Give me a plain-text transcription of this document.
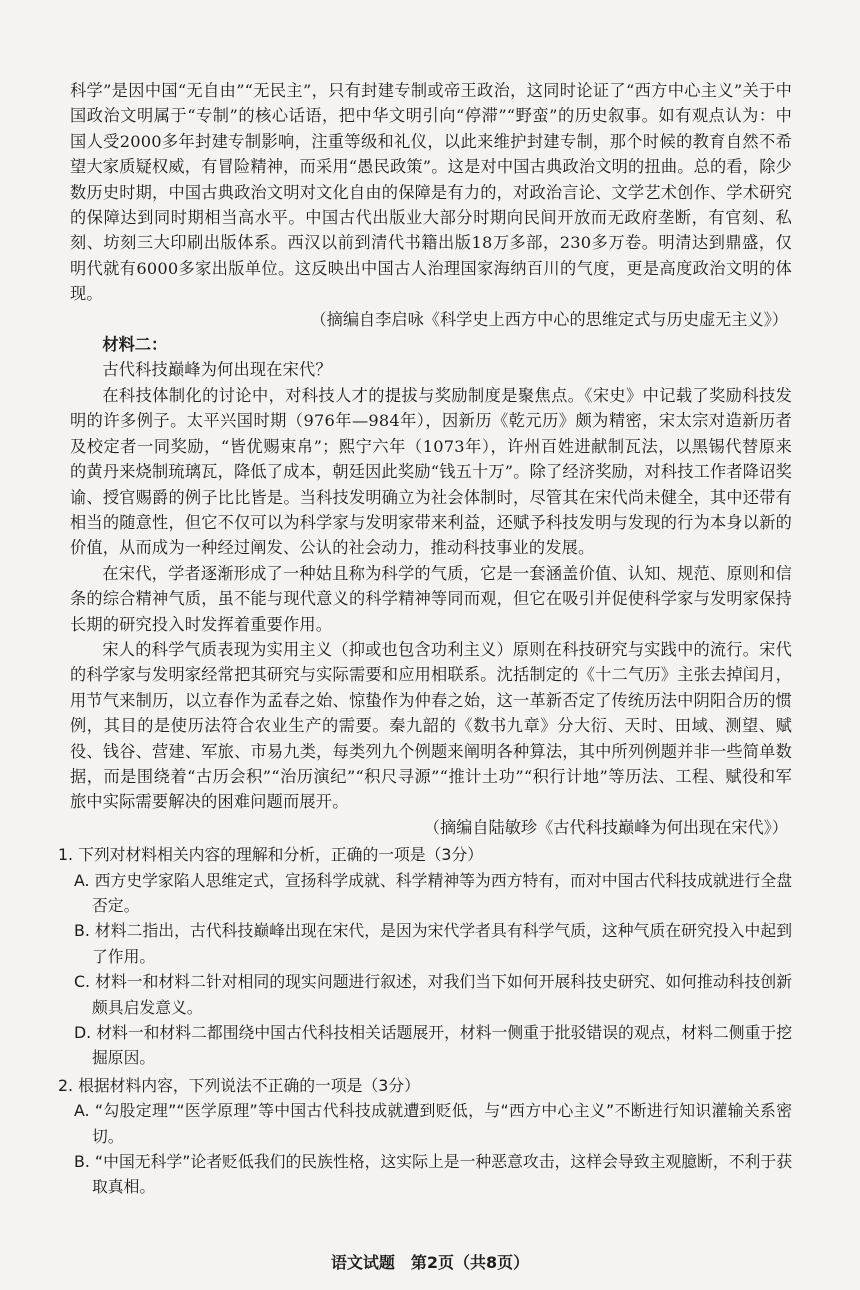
科学”是因中国“无自由”“无民主”，只有封建专制或帝王政治，这同时论证了“西方中心主义”关于中国政治文明属于“专制”的核心话语，把中华文明引向“停滞”“野蛮”的历史叙事。如有观点认为：中国人受2000多年封建专制影响，注重等级和礼仪，以此来维护封建专制，那个时候的教育自然不希望大家质疑权威，有冒险精神，而采用“愚民政策”。这是对中国古典政治文明的扭曲。总的看，除少数历史时期，中国古典政治文明对文化自由的保障是有力的，对政治言论、文学艺术创作、学术研究的保障达到同时期相当高水平。中国古代出版业大部分时期向民间开放而无政府垄断，有官刻、私刻、坊刻三大印刷出版体系。西汉以前到清代书籍出版18万多部，230多万卷。明清达到鼎盛，仅明代就有6000多家出版单位。这反映出中国古人治理国家海纳百川的气度，更是高度政治文明的体现。

（摘编自李启咏《科学史上西方中心的思维定式与历史虚无主义》）

材料二：

古代科技巅峰为何出现在宋代？

在科技体制化的讨论中，对科技人才的提拔与奖励制度是聚焦点。《宋史》中记载了奖励科技发明的许多例子。太平兴国时期（976年—984年），因新历《乾元历》颇为精密，宋太宗对造新历者及校定者一同奖励，“皆优赐束帛”；熙宁六年（1073年），许州百姓进献制瓦法，以黑锡代替原来的黄丹来烧制琉璃瓦，降低了成本，朝廷因此奖励“钱五十万”。除了经济奖励，对科技工作者降诏奖谕、授官赐爵的例子比比皆是。当科技发明确立为社会体制时，尽管其在宋代尚未健全，其中还带有相当的随意性，但它不仅可以为科学家与发明家带来利益，还赋予科技发明与发现的行为本身以新的价值，从而成为一种经过阐发、公认的社会动力，推动科技事业的发展。

在宋代，学者逐渐形成了一种姑且称为科学的气质，它是一套涵盖价值、认知、规范、原则和信条的综合精神气质，虽不能与现代意义的科学精神等同而观，但它在吸引并促使科学家与发明家保持长期的研究投入时发挥着重要作用。

宋人的科学气质表现为实用主义（抑或也包含功利主义）原则在科技研究与实践中的流行。宋代的科学家与发明家经常把其研究与实际需要和应用相联系。沈括制定的《十二气历》主张去掉闰月，用节气来制历，以立春作为孟春之始、惊蛰作为仲春之始，这一革新否定了传统历法中阴阳合历的惯例，其目的是使历法符合农业生产的需要。秦九韶的《数书九章》分大衍、天时、田域、测望、赋役、钱谷、营建、军旅、市易九类，每类列九个例题来阐明各种算法，其中所列例题并非一些简单数据，而是围绕着“古历会积”“治历演纪”“积尺寻源”“推计土功”“积行计地”等历法、工程、赋役和军旅中实际需要解决的困难问题而展开。

（摘编自陆敏珍《古代科技巅峰为何出现在宋代》）

1. 下列对材料相关内容的理解和分析，正确的一项是（3分）

A. 西方史学家陷人思维定式，宣扬科学成就、科学精神等为西方特有，而对中国古代科技成就进行全盘否定。

B. 材料二指出，古代科技巅峰出现在宋代，是因为宋代学者具有科学气质，这种气质在研究投入中起到了作用。

C. 材料一和材料二针对相同的现实问题进行叙述，对我们当下如何开展科技史研究、如何推动科技创新颇具启发意义。

D. 材料一和材料二都围绕中国古代科技相关话题展开，材料一侧重于批驳错误的观点，材料二侧重于挖掘原因。

2. 根据材料内容，下列说法不正确的一项是（3分）

A. “勾股定理”“医学原理”等中国古代科技成就遭到贬低，与“西方中心主义”不断进行知识灌输关系密切。

B. “中国无科学”论者贬低我们的民族性格，这实际上是一种恶意攻击，这样会导致主观臆断，不利于获取真相。

语文试题　第2页（共8页）
